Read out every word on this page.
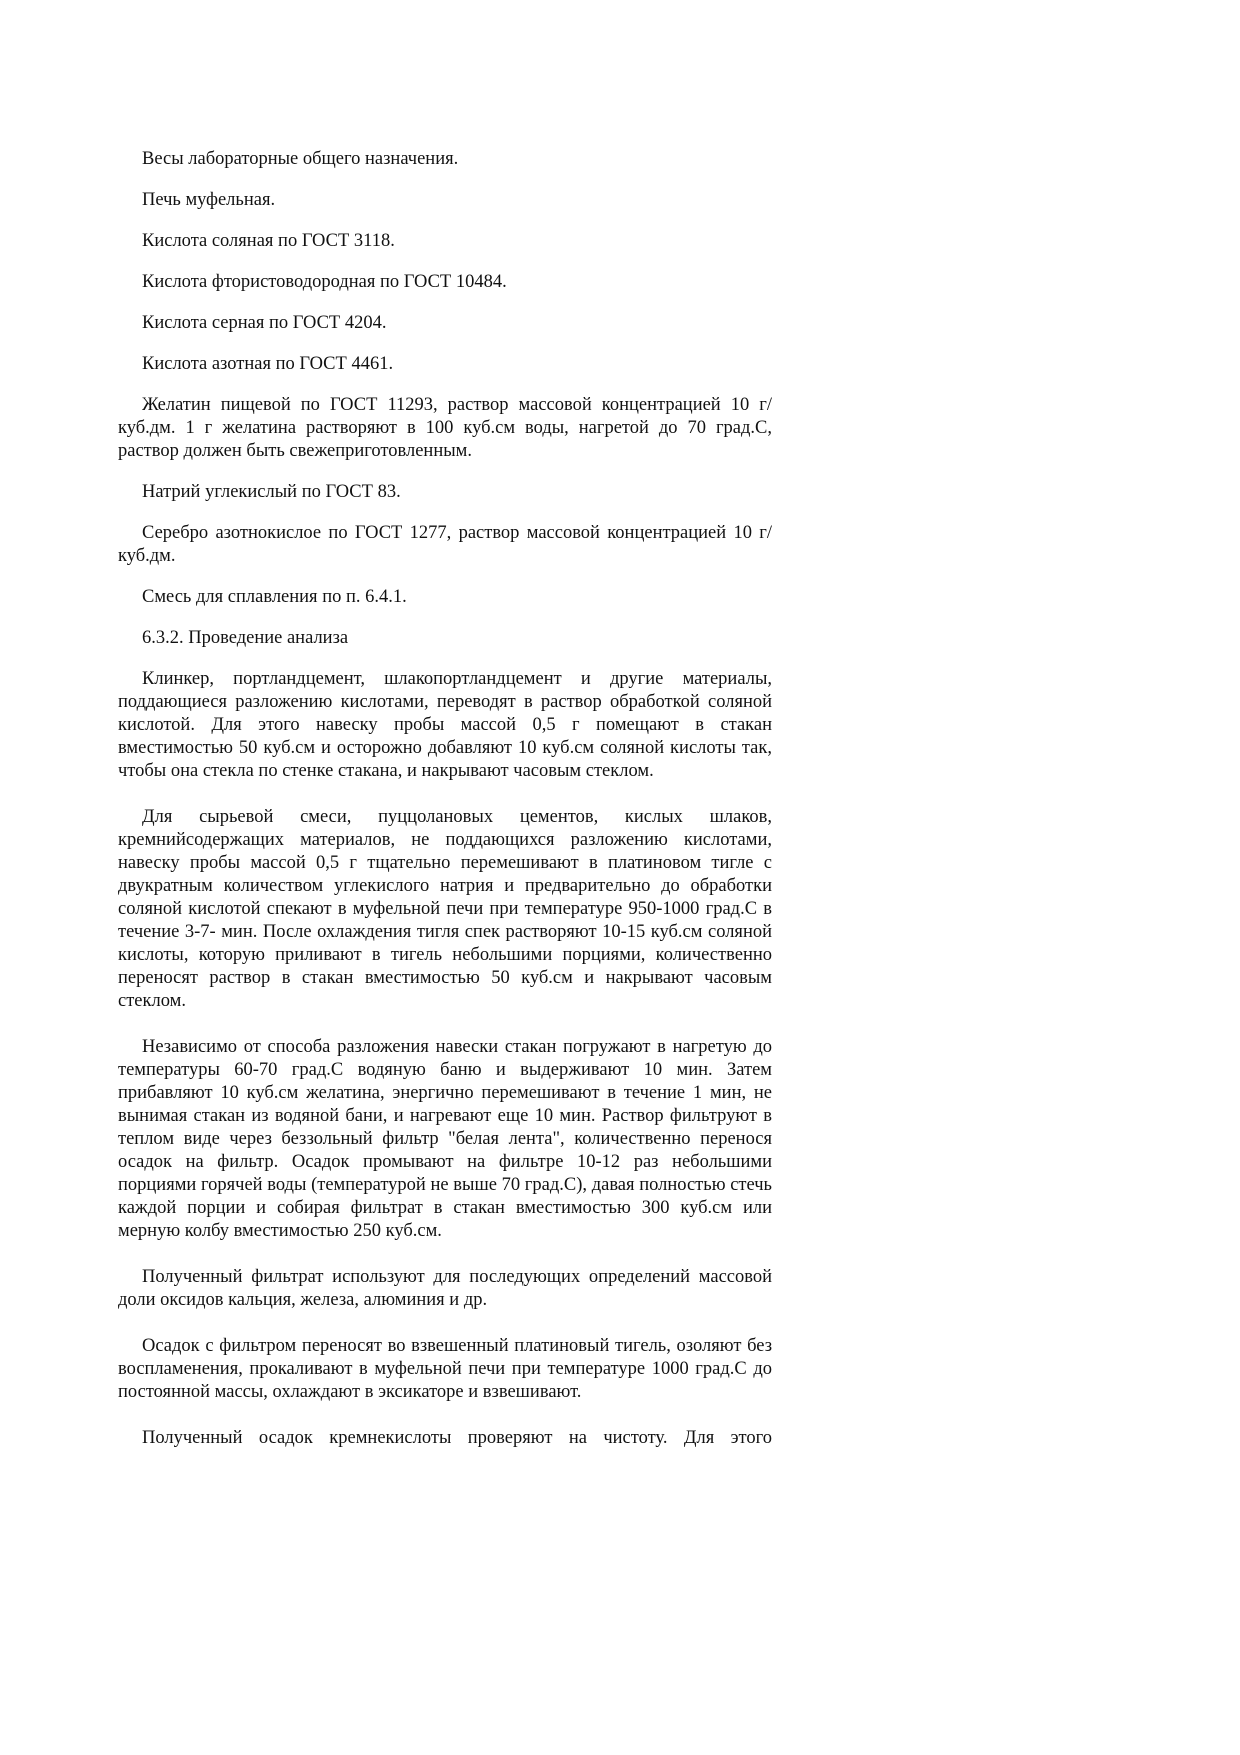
Весы лабораторные общего назначения.

Печь муфельная.

Кислота соляная по ГОСТ 3118.

Кислота фтористоводородная по ГОСТ 10484.

Кислота серная по ГОСТ 4204.

Кислота азотная по ГОСТ 4461.

Желатин пищевой по ГОСТ 11293, раствор массовой концентрацией 10 г/куб.дм. 1 г желатина растворяют в 100 куб.см воды, нагретой до 70 град.С, раствор должен быть свежеприготовленным.

Натрий углекислый по ГОСТ 83.

Серебро азотнокислое по ГОСТ 1277, раствор массовой концентрацией 10 г/куб.дм.

Смесь для сплавления по п. 6.4.1.

6.3.2. Проведение анализа

Клинкер, портландцемент, шлакопортландцемент и другие материалы, поддающиеся разложению кислотами, переводят в раствор обработкой соляной кислотой. Для этого навеску пробы массой 0,5 г помещают в стакан вместимостью 50 куб.см и осторожно добавляют 10 куб.см соляной кислоты так, чтобы она стекла по стенке стакана, и накрывают часовым стеклом.

Для сырьевой смеси, пуццолановых цементов, кислых шлаков, кремнийсодержащих материалов, не поддающихся разложению кислотами, навеску пробы массой 0,5 г тщательно перемешивают в платиновом тигле с двукратным количеством углекислого натрия и предварительно до обработки соляной кислотой спекают в муфельной печи при температуре 950-1000 град.С в течение 3-7- мин. После охлаждения тигля спек растворяют 10-15 куб.см соляной кислоты, которую приливают в тигель небольшими порциями, количественно переносят раствор в стакан вместимостью 50 куб.см и накрывают часовым стеклом.

Независимо от способа разложения навески стакан погружают в нагретую до температуры 60-70 град.С водяную баню и выдерживают 10 мин. Затем прибавляют 10 куб.см желатина, энергично перемешивают в течение 1 мин, не вынимая стакан из водяной бани, и нагревают еще 10 мин. Раствор фильтруют в теплом виде через беззольный фильтр "белая лента", количественно перенося осадок на фильтр. Осадок промывают на фильтре 10-12 раз небольшими порциями горячей воды (температурой не выше 70 град.С), давая полностью стечь каждой порции и собирая фильтрат в стакан вместимостью 300 куб.см или мерную колбу вместимостью 250 куб.см.

Полученный фильтрат используют для последующих определений массовой доли оксидов кальция, железа, алюминия и др.

Осадок с фильтром переносят во взвешенный платиновый тигель, озоляют без воспламенения, прокаливают в муфельной печи при температуре 1000 град.С до постоянной массы, охлаждают в эксикаторе и взвешивают.

Полученный осадок кремнекислоты проверяют на чистоту. Для этого
